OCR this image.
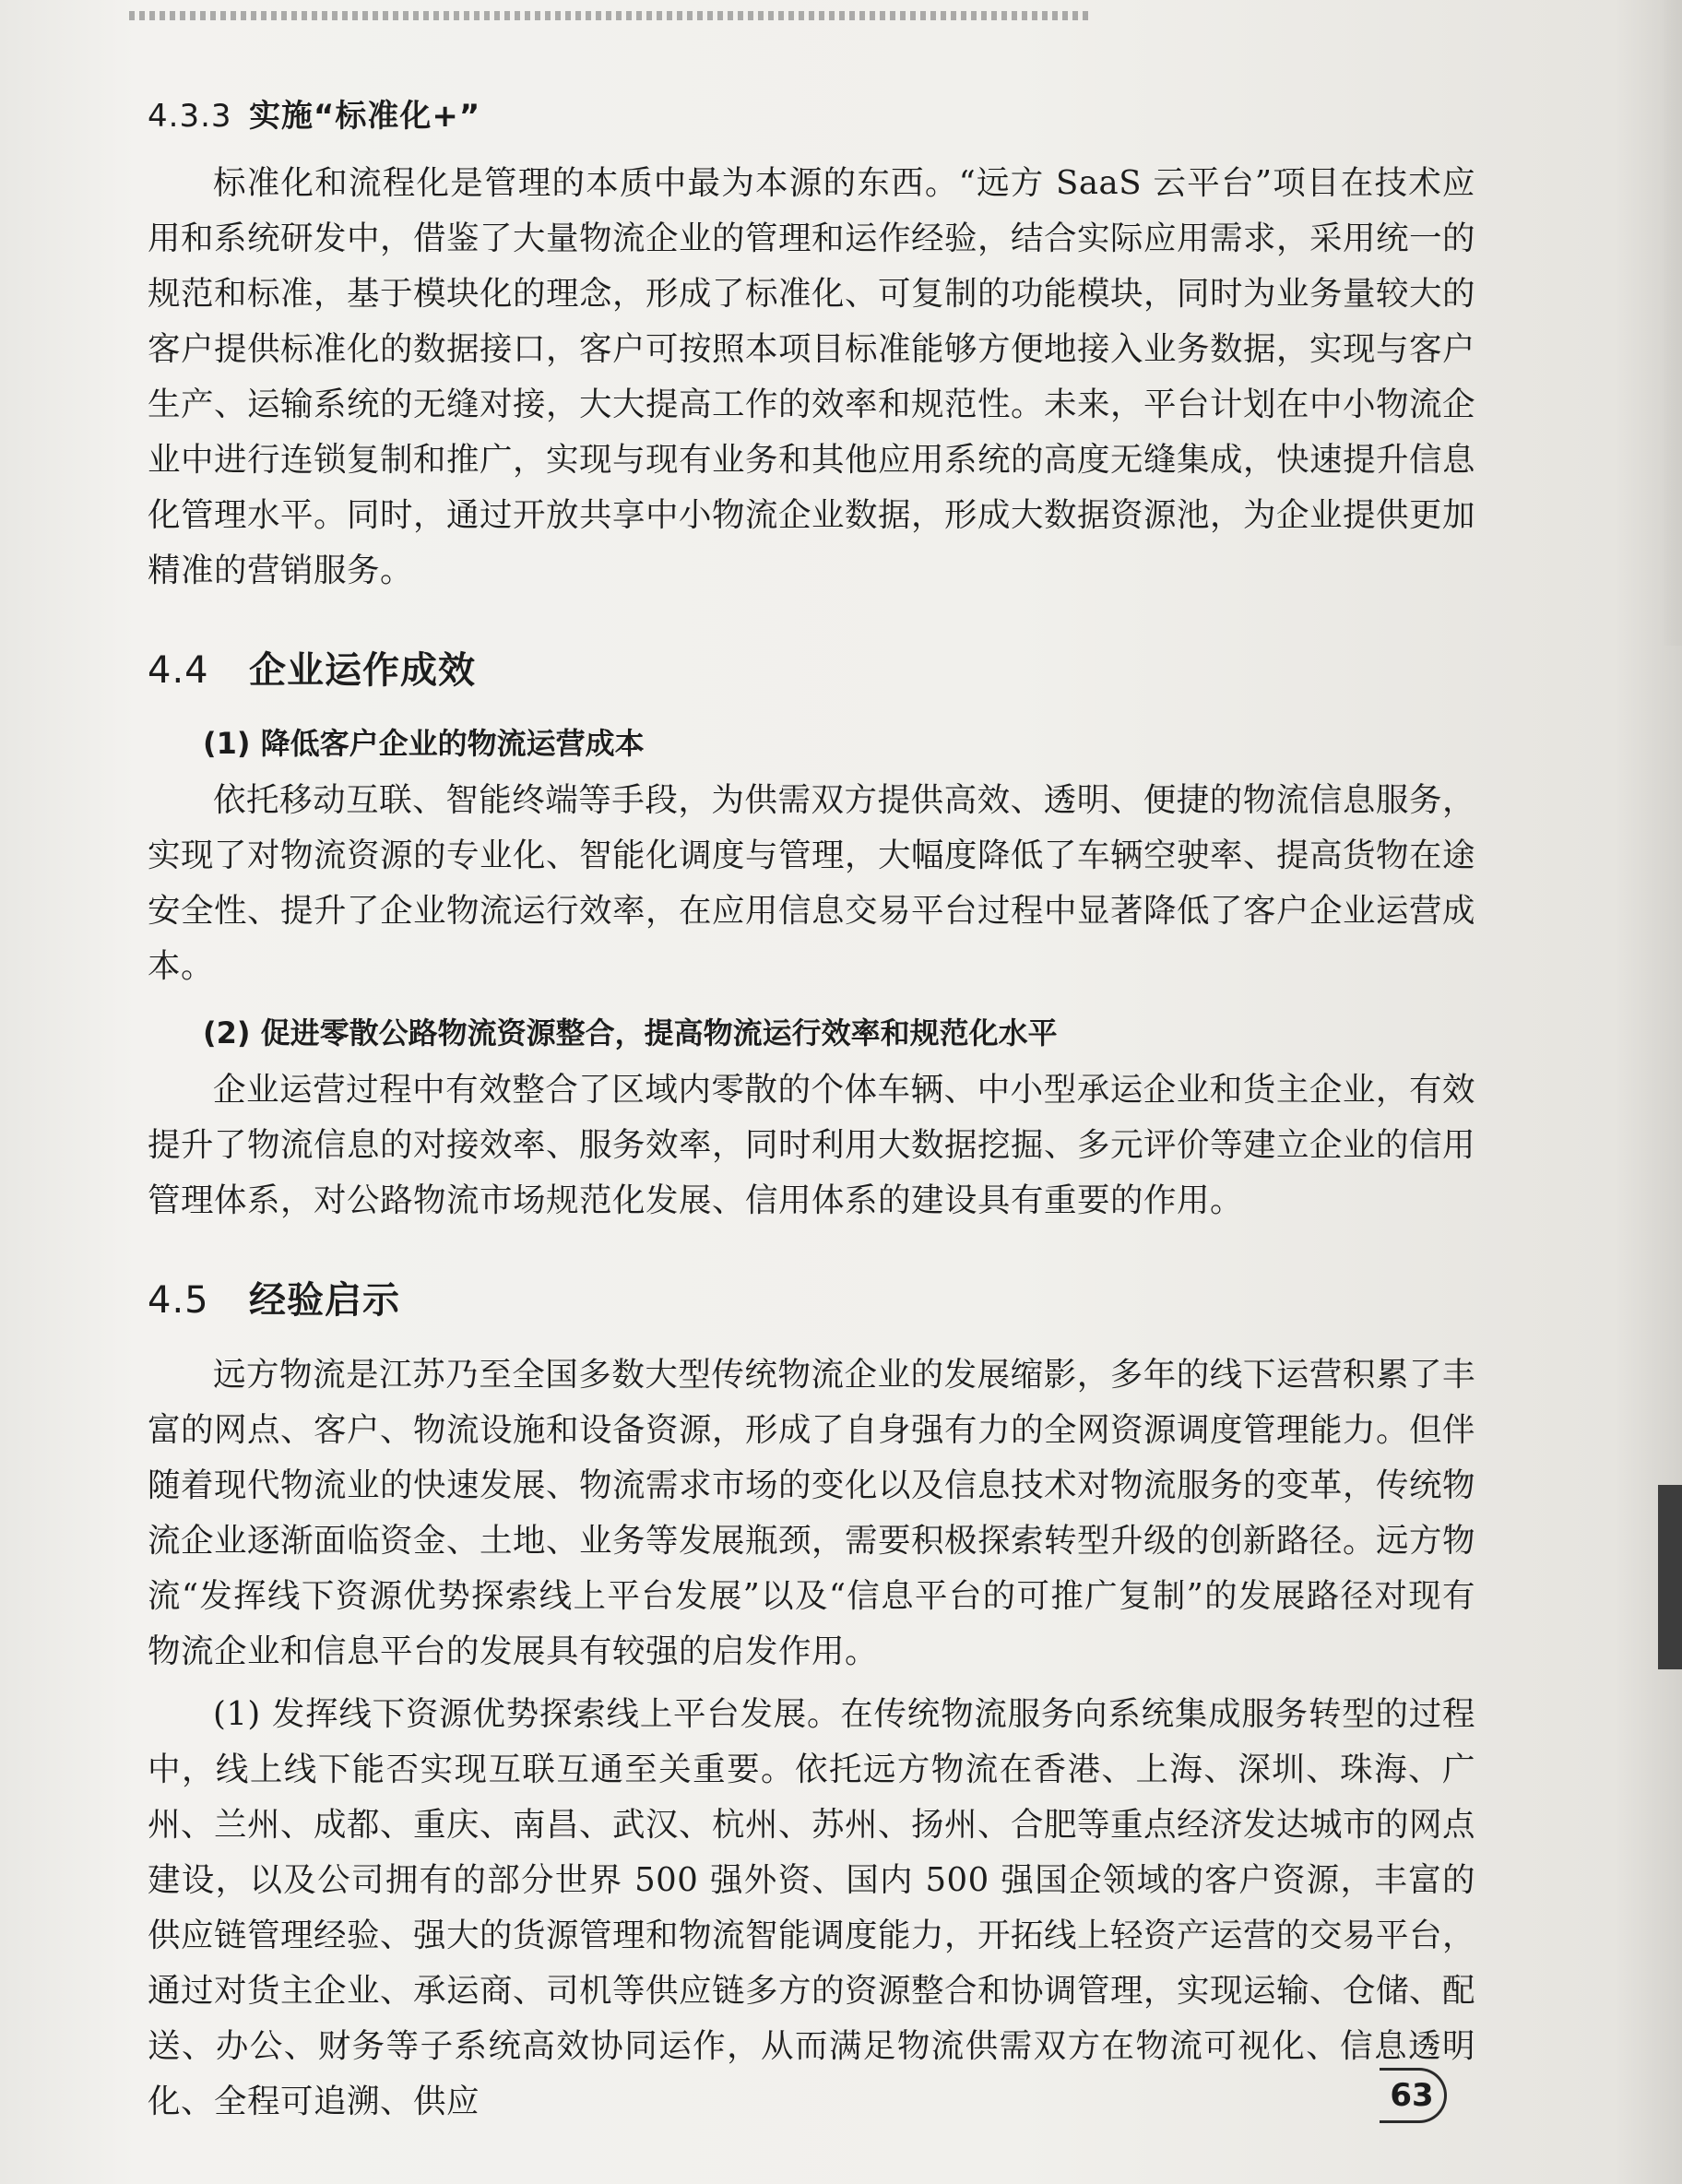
4.3.3 实施“标准化+”

标准化和流程化是管理的本质中最为本源的东西。“远方 SaaS 云平台”项目在技术应用和系统研发中，借鉴了大量物流企业的管理和运作经验，结合实际应用需求，采用统一的规范和标准，基于模块化的理念，形成了标准化、可复制的功能模块，同时为业务量较大的客户提供标准化的数据接口，客户可按照本项目标准能够方便地接入业务数据，实现与客户生产、运输系统的无缝对接，大大提高工作的效率和规范性。未来，平台计划在中小物流企业中进行连锁复制和推广，实现与现有业务和其他应用系统的高度无缝集成，快速提升信息化管理水平。同时，通过开放共享中小物流企业数据，形成大数据资源池，为企业提供更加精准的营销服务。

4.4 企业运作成效
(1) 降低客户企业的物流运营成本

依托移动互联、智能终端等手段，为供需双方提供高效、透明、便捷的物流信息服务，实现了对物流资源的专业化、智能化调度与管理，大幅度降低了车辆空驶率、提高货物在途安全性、提升了企业物流运行效率，在应用信息交易平台过程中显著降低了客户企业运营成本。

(2) 促进零散公路物流资源整合，提高物流运行效率和规范化水平

企业运营过程中有效整合了区域内零散的个体车辆、中小型承运企业和货主企业，有效提升了物流信息的对接效率、服务效率，同时利用大数据挖掘、多元评价等建立企业的信用管理体系，对公路物流市场规范化发展、信用体系的建设具有重要的作用。

4.5 经验启示

远方物流是江苏乃至全国多数大型传统物流企业的发展缩影，多年的线下运营积累了丰富的网点、客户、物流设施和设备资源，形成了自身强有力的全网资源调度管理能力。但伴随着现代物流业的快速发展、物流需求市场的变化以及信息技术对物流服务的变革，传统物流企业逐渐面临资金、土地、业务等发展瓶颈，需要积极探索转型升级的创新路径。远方物流“发挥线下资源优势探索线上平台发展”以及“信息平台的可推广复制”的发展路径对现有物流企业和信息平台的发展具有较强的启发作用。

(1) 发挥线下资源优势探索线上平台发展。在传统物流服务向系统集成服务转型的过程中，线上线下能否实现互联互通至关重要。依托远方物流在香港、上海、深圳、珠海、广州、兰州、成都、重庆、南昌、武汉、杭州、苏州、扬州、合肥等重点经济发达城市的网点建设，以及公司拥有的部分世界 500 强外资、国内 500 强国企领域的客户资源，丰富的供应链管理经验、强大的货源管理和物流智能调度能力，开拓线上轻资产运营的交易平台，通过对货主企业、承运商、司机等供应链多方的资源整合和协调管理，实现运输、仓储、配送、办公、财务等子系统高效协同运作，从而满足物流供需双方在物流可视化、信息透明化、全程可追溯、供应	63
